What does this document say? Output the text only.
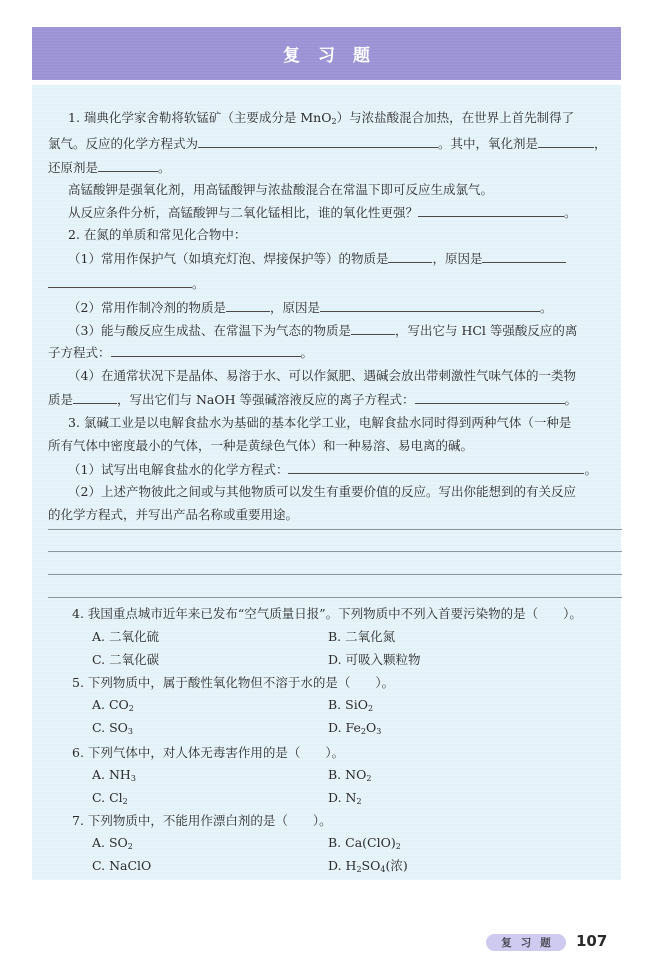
复习题
1. 瑞典化学家舍勒将软锰矿（主要成分是 MnO$_2$）与浓盐酸混合加热，在世界上首先制得了
氯气。反应的化学方程式为	。其中，氧化剂是	，
还原剂是	。
高锰酸钾是强氧化剂，用高锰酸钾与浓盐酸混合在常温下即可反应生成氯气。
从反应条件分析，高锰酸钾与二氧化锰相比，谁的氧化性更强？	。
2. 在氮的单质和常见化合物中：
（1）常用作保护气（如填充灯泡、焊接保护等）的物质是	，原因是
。
（2）常用作制冷剂的物质是	，原因是	。
（3）能与酸反应生成盐、在常温下为气态的物质是	，写出它与 HCl 等强酸反应的离
子方程式：	。
（4）在通常状况下是晶体、易溶于水、可以作氮肥、遇碱会放出带刺激性气味气体的一类物
质是	，写出它们与 NaOH 等强碱溶液反应的离子方程式：	。
3. 氯碱工业是以电解食盐水为基础的基本化学工业，电解食盐水同时得到两种气体（一种是
所有气体中密度最小的气体，一种是黄绿色气体）和一种易溶、易电离的碱。
（1）试写出电解食盐水的化学方程式：	。
（2）上述产物彼此之间或与其他物质可以发生有重要价值的反应。写出你能想到的有关反应
的化学方程式，并写出产品名称或重要用途。
4. 我国重点城市近年来已发布“空气质量日报”。下列物质中不列入首要污染物的是（　　）。
A. 二氧化硫	B. 二氧化氮
C. 二氧化碳	D. 可吸入颗粒物
5. 下列物质中，属于酸性氧化物但不溶于水的是（　　）。
A. $CO_2$	B. SiO$_2$
C. $SO_3$	D. $Fe_2O_3$
6. 下列气体中，对人体无毒害作用的是（　　）。
A. $NH_3$	B. $NO_2$
C. $Cl_2$	D. $N_2$
7. 下列物质中，不能用作漂白剂的是（　　）。
A. $SO_2$	B. $Ca(ClO)_2$
C. NaClO	D. $H_2SO_4$(浓)
复习题 107
